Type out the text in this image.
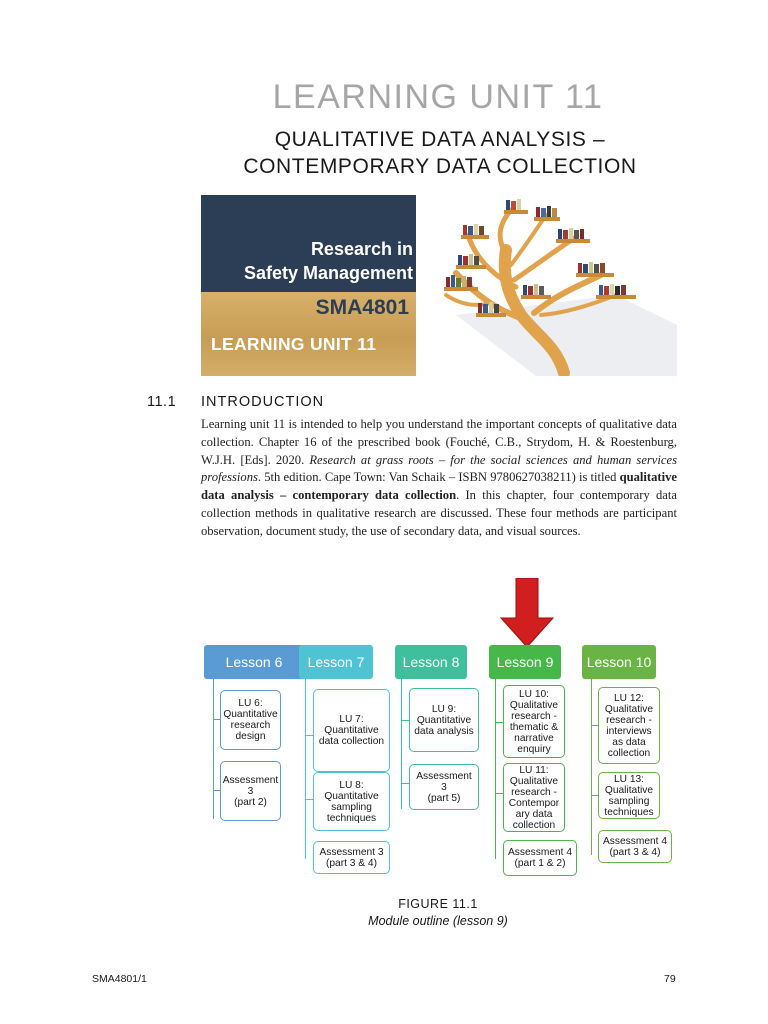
LEARNING UNIT 11
QUALITATIVE DATA ANALYSIS –
CONTEMPORARY DATA COLLECTION
Research in
Safety Management
SMA4801
LEARNING UNIT 11
11.1 INTRODUCTION
Learning unit 11 is intended to help you understand the important concepts of qualitative data collection. Chapter 16 of the prescribed book (Fouché, C.B., Strydom, H. & Roestenburg, W.J.H. [Eds]. 2020. Research at grass roots – for the social sciences and human services professions. 5th edition. Cape Town: Van Schaik – ISBN 9780627038211) is titled qualitative data analysis – contemporary data collection. In this chapter, four contemporary data collection methods in qualitative research are discussed. These four methods are participant observation, document study, the use of secondary data, and visual sources.
Lesson 6
LU 6:
Quantitative
research
design
Assessment
3
(part 2)
Lesson 7
LU 7:
Quantitative
data collection
LU 8:
Quantitative
sampling
techniques
Assessment 3
(part 3 & 4)
Lesson 8
LU 9:
Quantitative
data analysis
Assessment 3
(part 5)
Lesson 9
LU 10:
Qualitative
research -
thematic &
narrative
enquiry
LU 11:
Qualitative
research -
Contempor
ary data
collection
Assessment 4
(part 1 & 2)
Lesson 10
LU 12:
Qualitative
research -
interviews
as data
collection
LU 13:
Qualitative
sampling
techniques
Assessment 4
(part 3 & 4)
FIGURE 11.1
Module outline (lesson 9)
SMA4801/1	79
